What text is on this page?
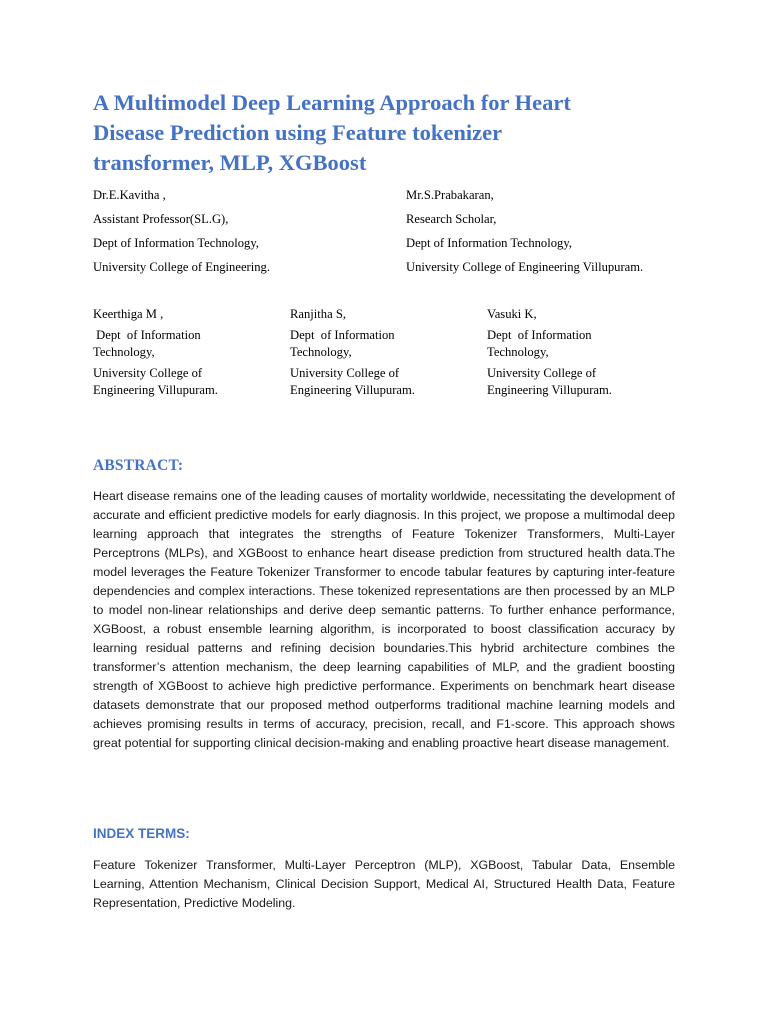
A Multimodel Deep Learning Approach for Heart
Disease Prediction using Feature tokenizer
transformer, MLP, XGBoost
Dr.E.Kavitha ,
Assistant Professor(SL.G),
Dept of Information Technology,
University College of Engineering.
Mr.S.Prabakaran,
Research Scholar,
Dept of Information Technology,
University College of Engineering Villupuram.
Keerthiga M ,
Dept  of Information
Technology,
University College of
Engineering Villupuram.
Ranjitha S,
Dept  of Information
Technology,
University College of
Engineering Villupuram.
Vasuki K,
Dept  of Information
Technology,
University College of
Engineering Villupuram.
ABSTRACT:

Heart disease remains one of the leading causes of mortality worldwide, necessitating the development of accurate and efficient predictive models for early diagnosis. In this project, we propose a multimodal deep learning approach that integrates the strengths of Feature Tokenizer Transformers, Multi-Layer Perceptrons (MLPs), and XGBoost to enhance heart disease prediction from structured health data.The model leverages the Feature Tokenizer Transformer to encode tabular features by capturing inter-feature dependencies and complex interactions. These tokenized representations are then processed by an MLP to model non-linear relationships and derive deep semantic patterns. To further enhance performance, XGBoost, a robust ensemble learning algorithm, is incorporated to boost classification accuracy by learning residual patterns and refining decision boundaries.This hybrid architecture combines the transformer’s attention mechanism, the deep learning capabilities of MLP, and the gradient boosting strength of XGBoost to achieve high predictive performance. Experiments on benchmark heart disease datasets demonstrate that our proposed method outperforms traditional machine learning models and achieves promising results in terms of accuracy, precision, recall, and F1-score. This approach shows great potential for supporting clinical decision-making and enabling proactive heart disease management.

INDEX TERMS:

Feature Tokenizer Transformer, Multi-Layer Perceptron (MLP), XGBoost, Tabular Data, Ensemble Learning, Attention Mechanism, Clinical Decision Support, Medical AI, Structured Health Data, Feature Representation, Predictive Modeling.
